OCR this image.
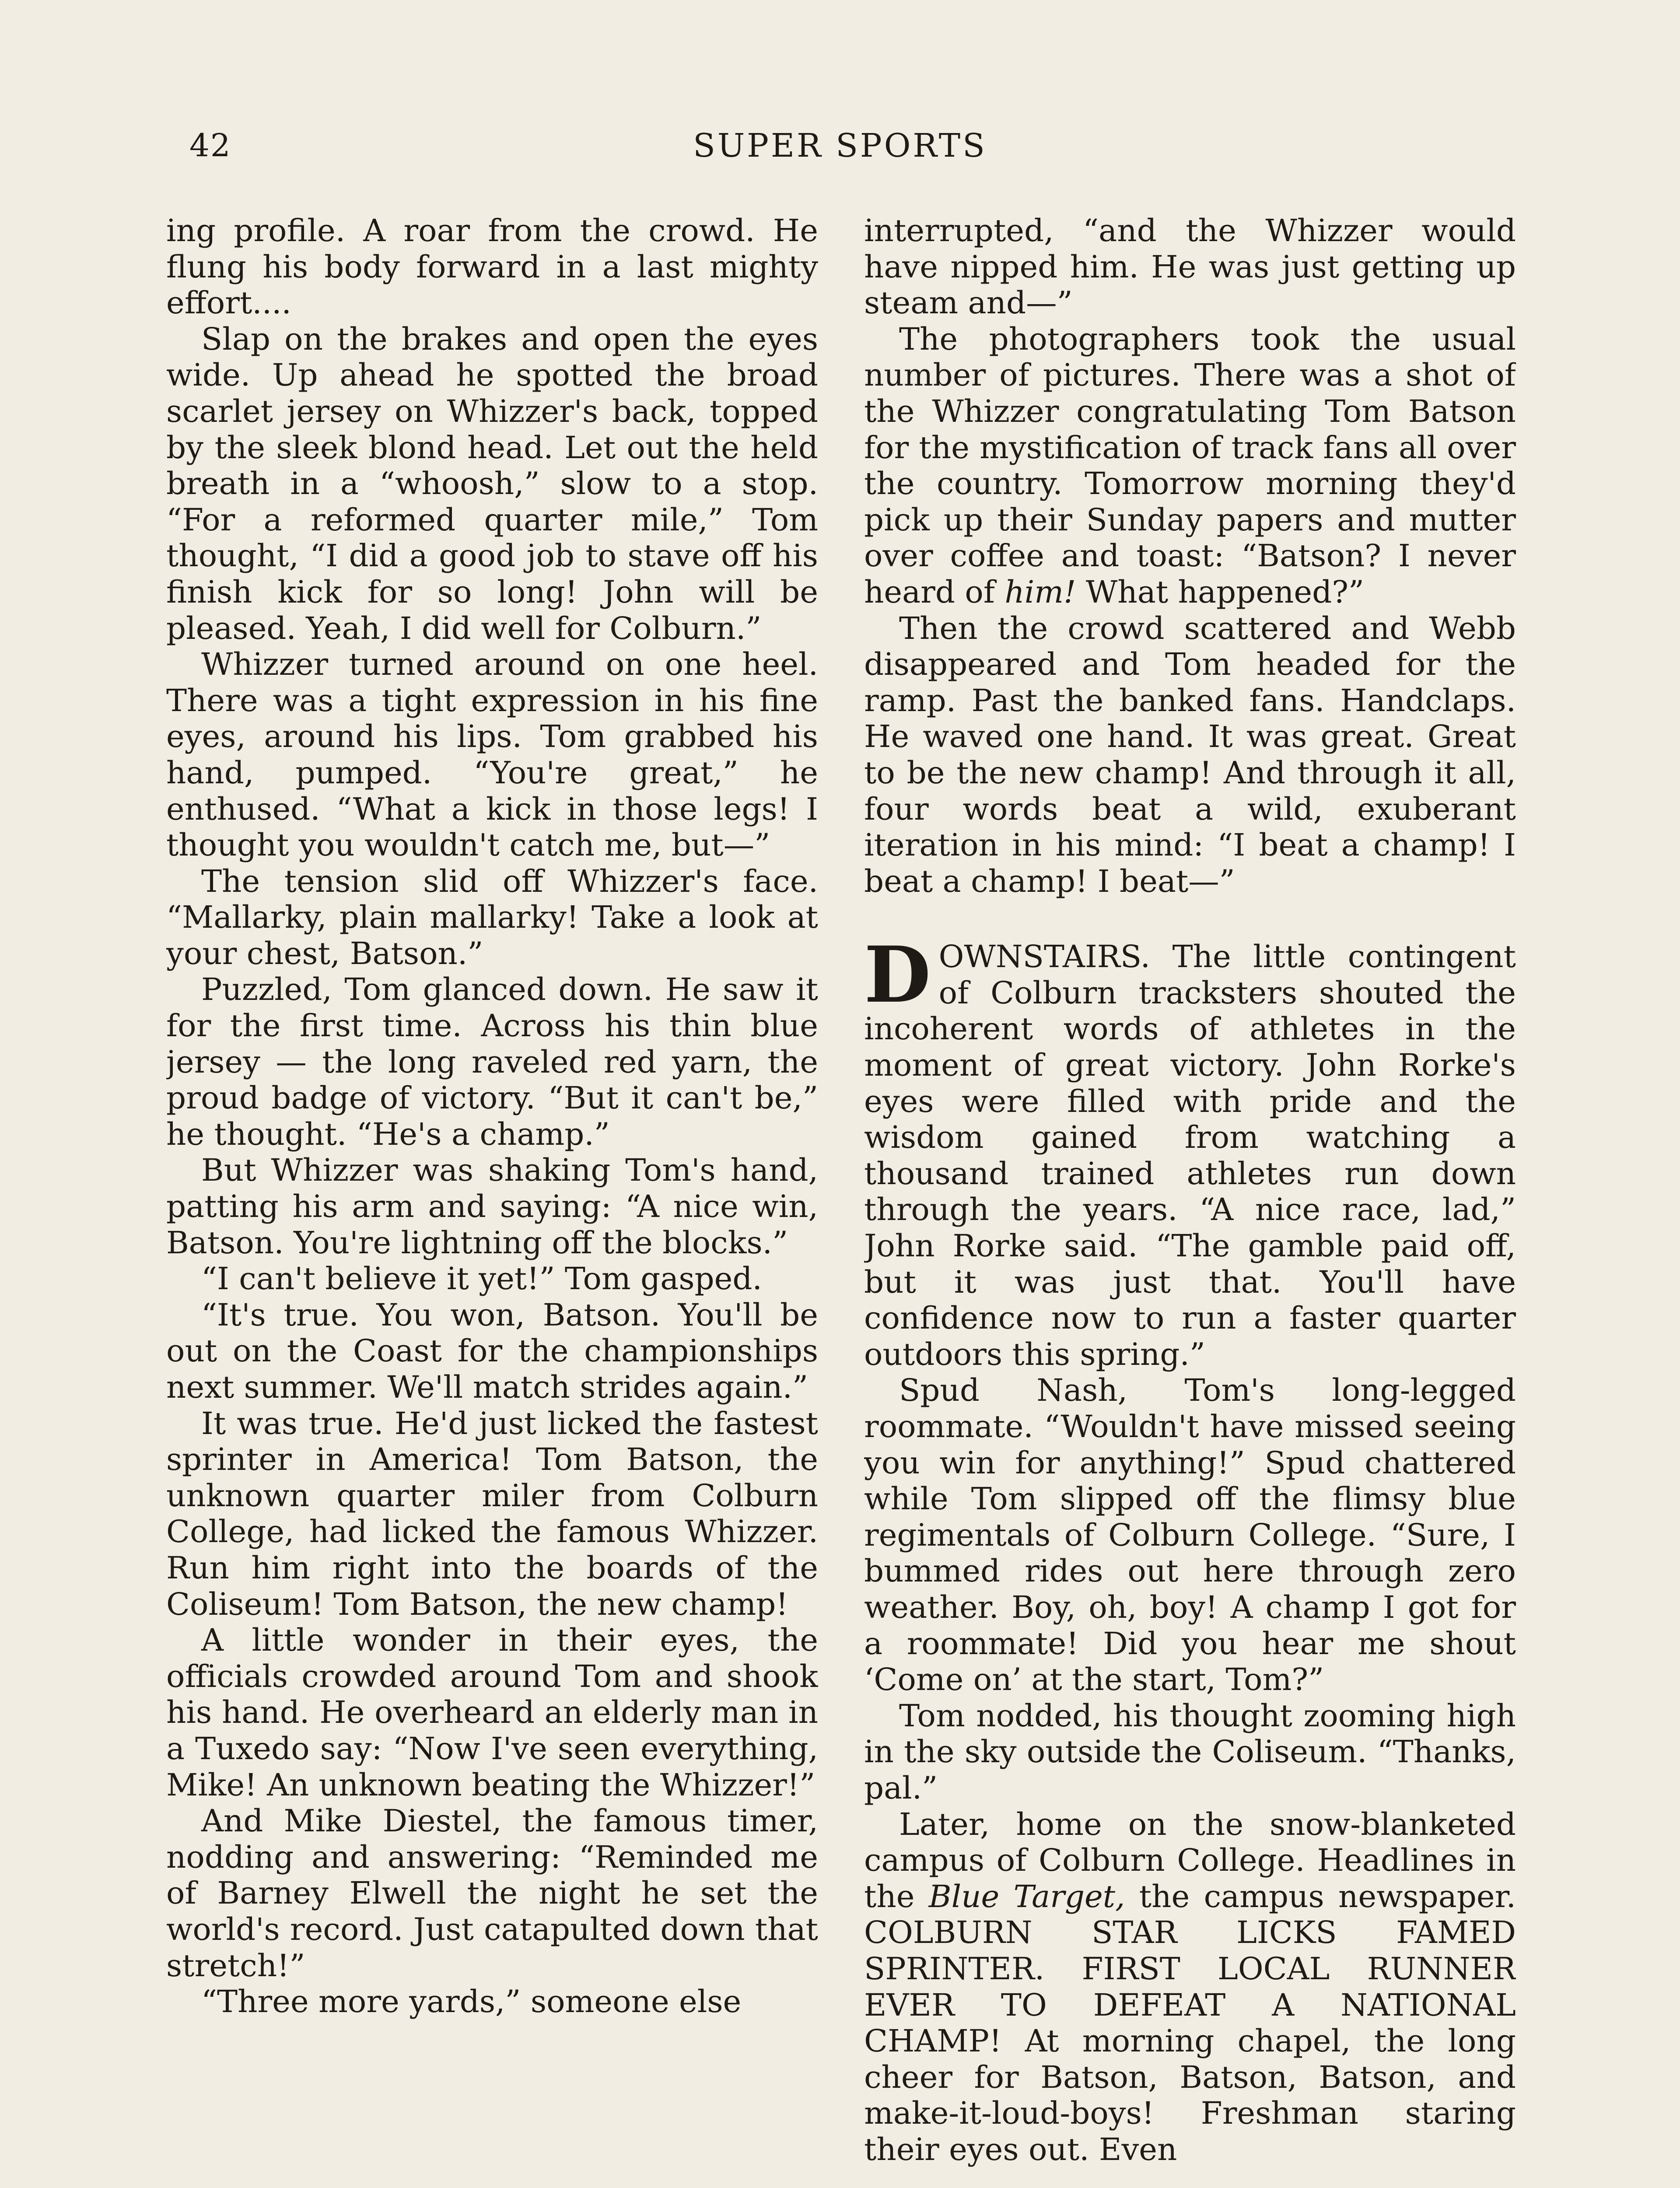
42	SUPER SPORTS

ing profile. A roar from the crowd. He flung his body forward in a last mighty effort....

Slap on the brakes and open the eyes wide. Up ahead he spotted the broad scarlet jersey on Whizzer's back, topped by the sleek blond head. Let out the held breath in a “whoosh,” slow to a stop. “For a reformed quarter mile,” Tom thought, “I did a good job to stave off his finish kick for so long! John will be pleased. Yeah, I did well for Colburn.”

Whizzer turned around on one heel. There was a tight expression in his fine eyes, around his lips. Tom grabbed his hand, pumped. “You're great,” he enthused. “What a kick in those legs! I thought you wouldn't catch me, but—”

The tension slid off Whizzer's face. “Mallarky, plain mallarky! Take a look at your chest, Batson.”

Puzzled, Tom glanced down. He saw it for the first time. Across his thin blue jersey — the long raveled red yarn, the proud badge of victory. “But it can't be,” he thought. “He's a champ.”

But Whizzer was shaking Tom's hand, patting his arm and saying: “A nice win, Batson. You're lightning off the blocks.”

“I can't believe it yet!” Tom gasped.

“It's true. You won, Batson. You'll be out on the Coast for the championships next summer. We'll match strides again.”

It was true. He'd just licked the fastest sprinter in America! Tom Batson, the unknown quarter miler from Colburn College, had licked the famous Whizzer. Run him right into the boards of the Coliseum! Tom Batson, the new champ!

A little wonder in their eyes, the officials crowded around Tom and shook his hand. He overheard an elderly man in a Tuxedo say: “Now I've seen everything, Mike! An unknown beating the Whizzer!”

And Mike Diestel, the famous timer, nodding and answering: “Reminded me of Barney Elwell the night he set the world's record. Just catapulted down that stretch!”

“Three more yards,” someone else

interrupted, “and the Whizzer would have nipped him. He was just getting up steam and—”

The photographers took the usual number of pictures. There was a shot of the Whizzer congratulating Tom Batson for the mystification of track fans all over the country. Tomorrow morning they'd pick up their Sunday papers and mutter over coffee and toast: “Batson? I never heard of him! What happened?”

Then the crowd scattered and Webb disappeared and Tom headed for the ramp. Past the banked fans. Handclaps. He waved one hand. It was great. Great to be the new champ! And through it all, four words beat a wild, exuberant iteration in his mind: “I beat a champ! I beat a champ! I beat—”

DOWNSTAIRS. The little contingent of Colburn tracksters shouted the incoherent words of athletes in the moment of great victory. John Rorke's eyes were filled with pride and the wisdom gained from watching a thousand trained athletes run down through the years. “A nice race, lad,” John Rorke said. “The gamble paid off, but it was just that. You'll have confidence now to run a faster quarter outdoors this spring.”

Spud Nash, Tom's long-legged roommate. “Wouldn't have missed seeing you win for anything!” Spud chattered while Tom slipped off the flimsy blue regimentals of Colburn College. “Sure, I bummed rides out here through zero weather. Boy, oh, boy! A champ I got for a roommate! Did you hear me shout ‘Come on’ at the start, Tom?”

Tom nodded, his thought zooming high in the sky outside the Coliseum. “Thanks, pal.”

Later, home on the snow-blanketed campus of Colburn College. Headlines in the Blue Target, the campus newspaper. COLBURN STAR LICKS FAMED SPRINTER. FIRST LOCAL RUNNER EVER TO DEFEAT A NATIONAL CHAMP! At morning chapel, the long cheer for Batson, Batson, Batson, and make-it-loud-boys! Freshman staring their eyes out. Even
